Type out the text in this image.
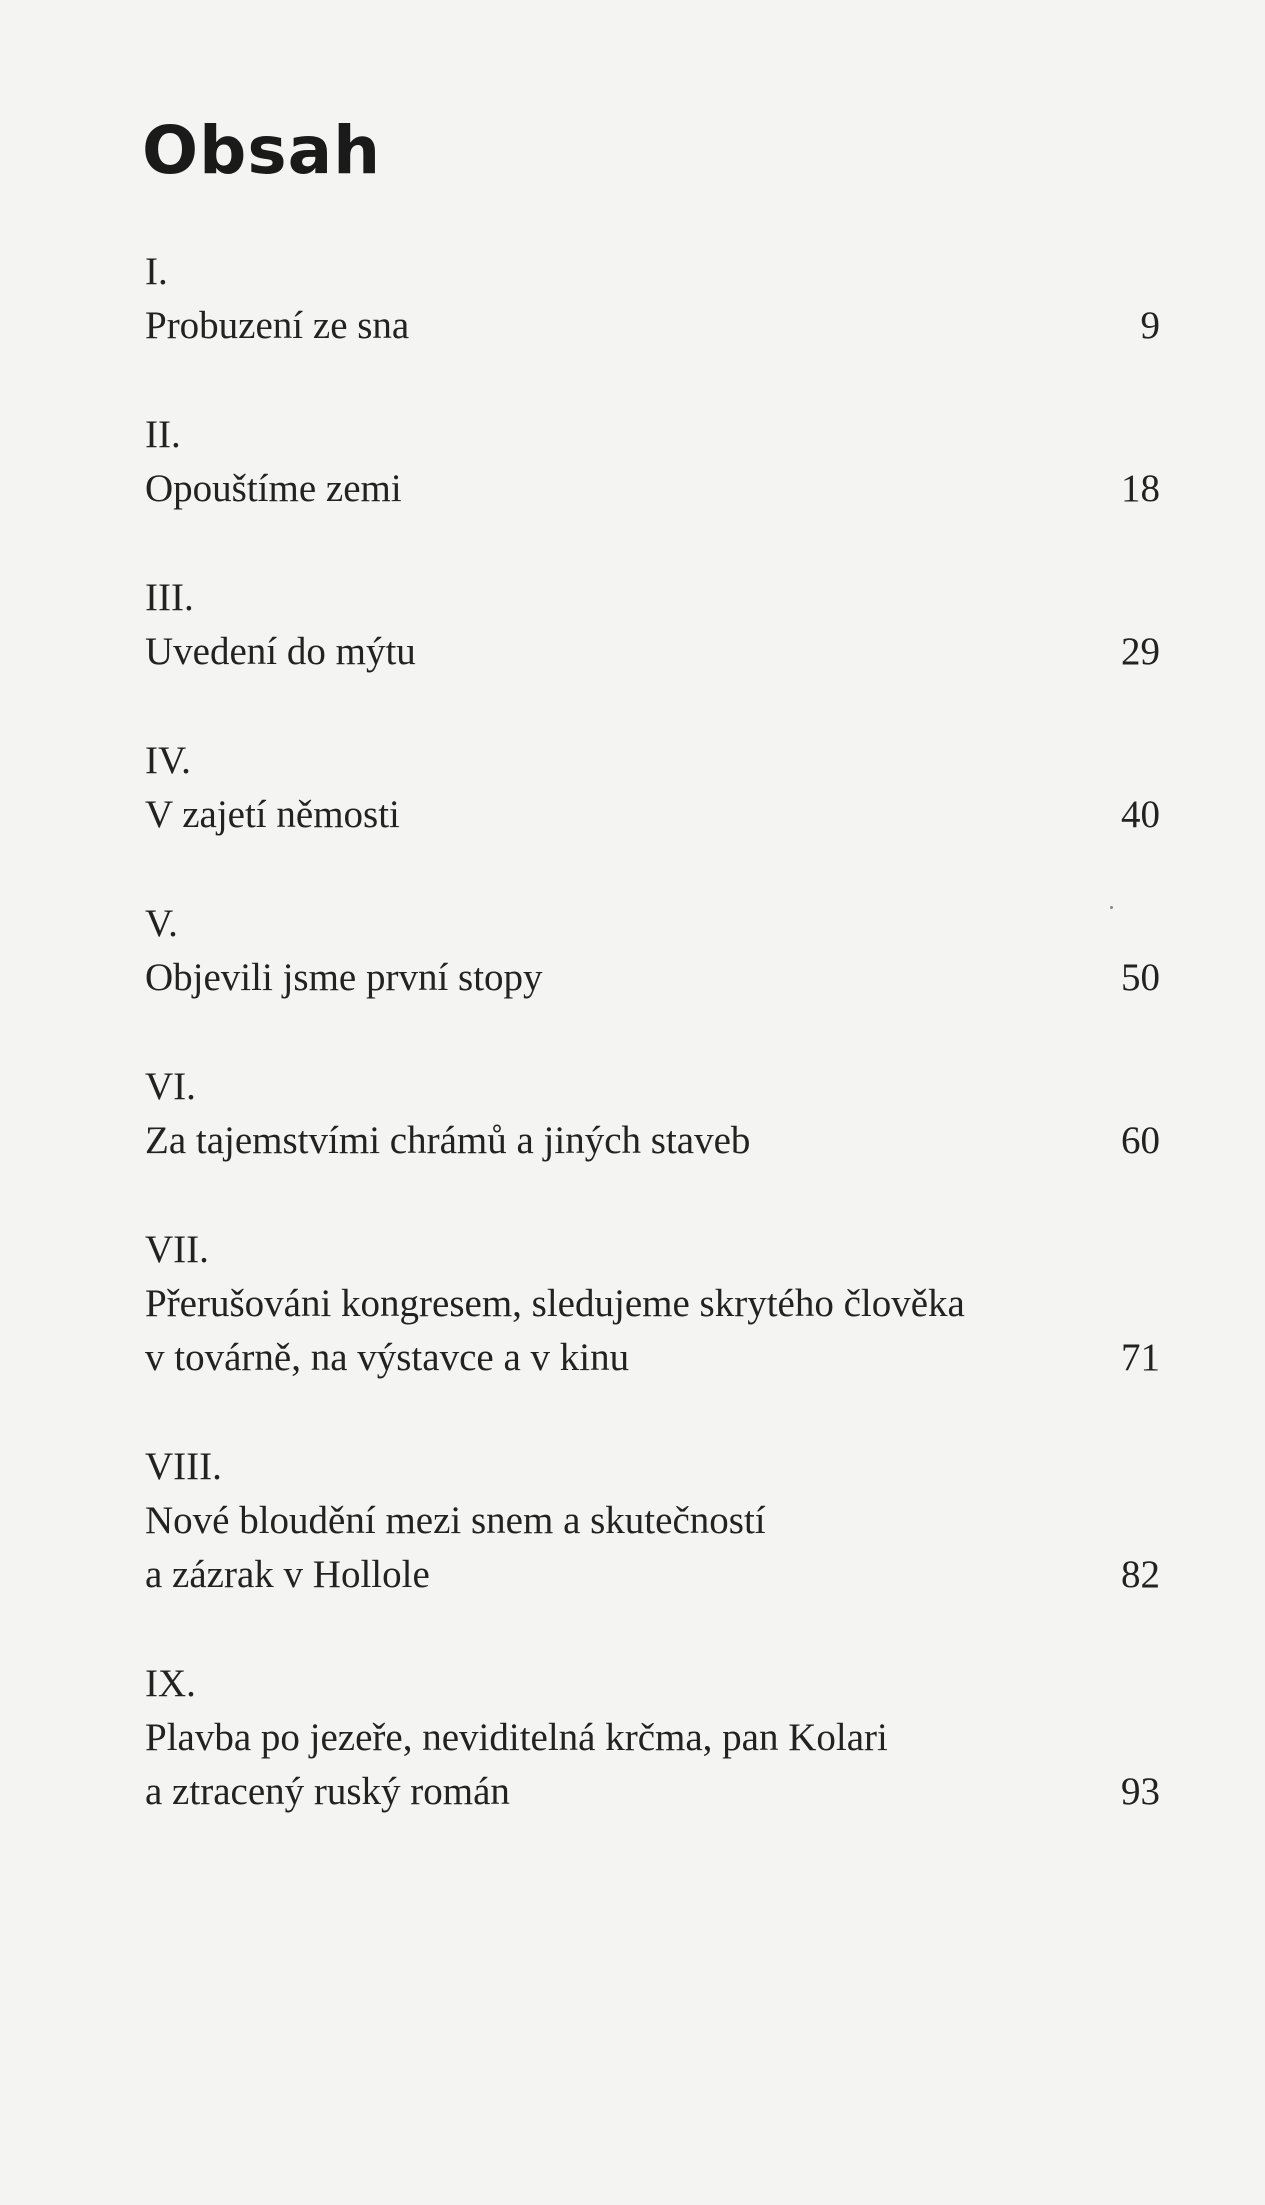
Obsah
I.
Probuzení ze sna	9
II.
Opouštíme zemi	18
III.
Uvedení do mýtu	29
IV.
V zajetí němosti	40
V.
Objevili jsme první stopy	50
VI.
Za tajemstvími chrámů a jiných staveb	60
VII.
Přerušováni kongresem, sledujeme skrytého člověka
v továrně, na výstavce a v kinu	71
VIII.
Nové bloudění mezi snem a skutečností
a zázrak v Hollole	82
IX.
Plavba po jezeře, neviditelná krčma, pan Kolari
a ztracený ruský román	93
